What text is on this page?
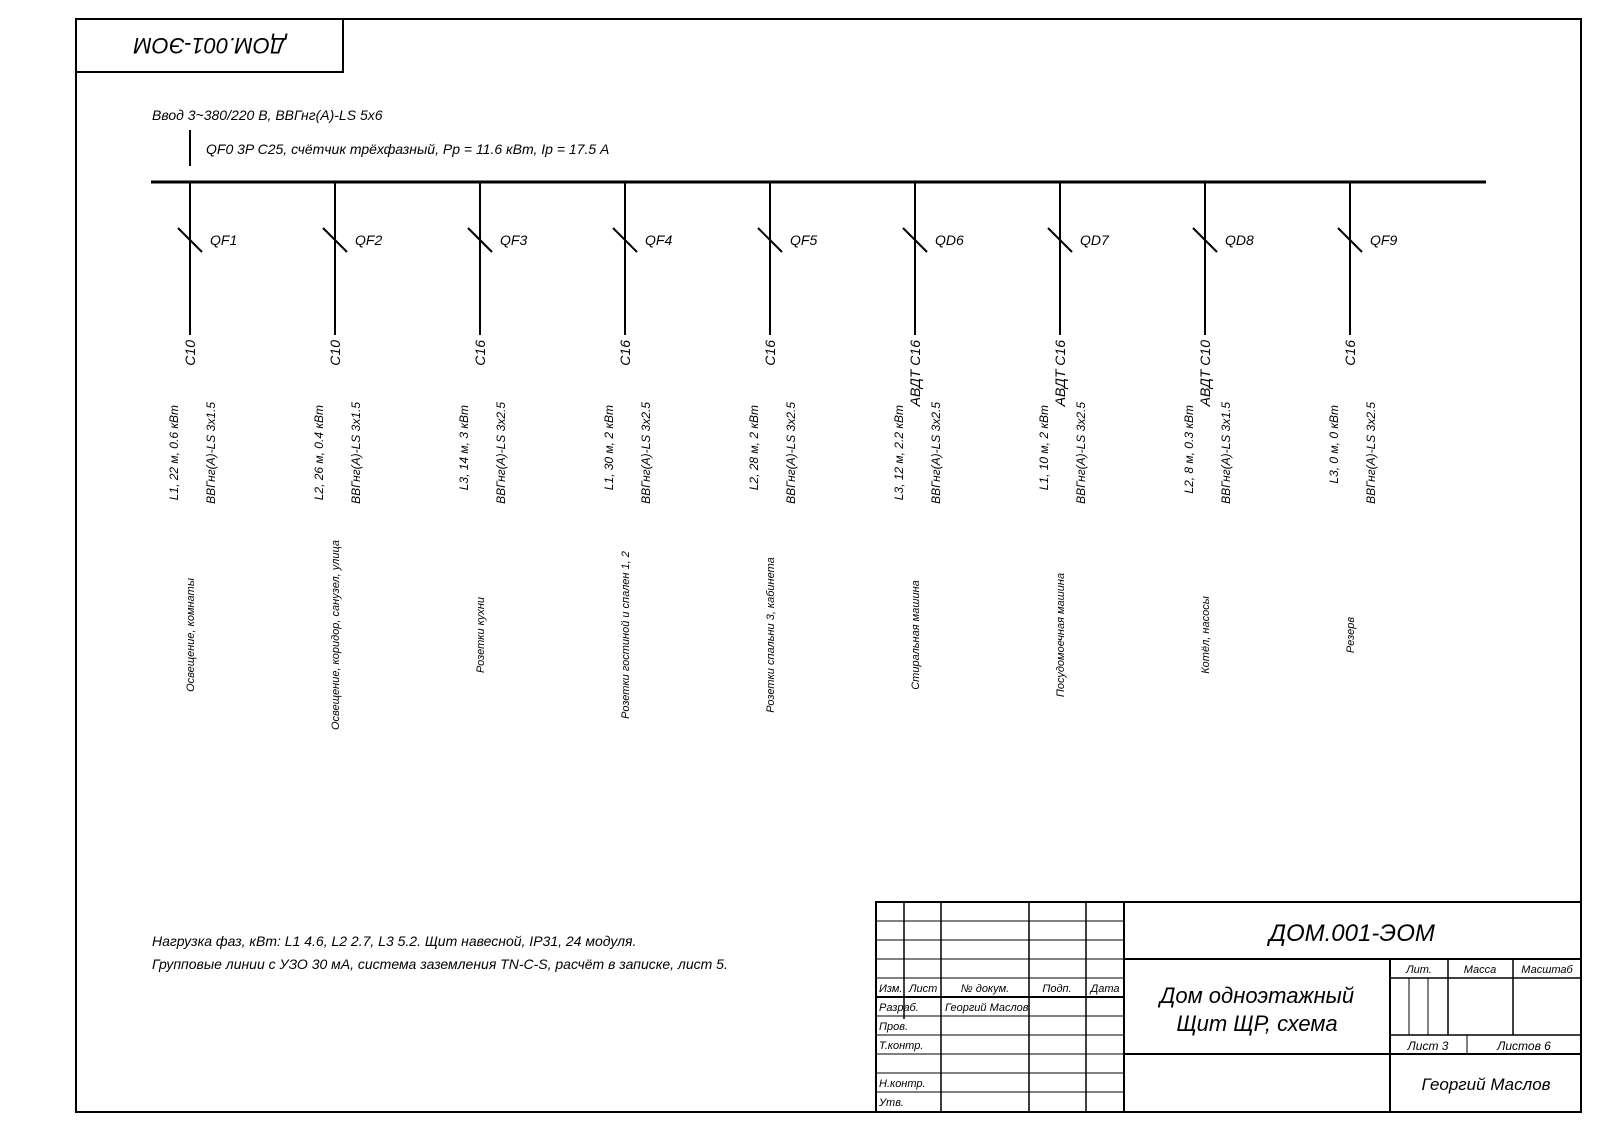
ДОМ.001-ЭОМ
Ввод 3~380/220 В, ВВГнг(А)-LS 5х6
QF0 3P C25, счётчик трёхфазный, Рр = 11.6 кВт, Iр = 17.5 А
QF1
C10
L1, 22 м, 0.6 кВт ВВГнг(А)-LS 3х1.5
Освещение, комнаты
QF2
C10
L2, 26 м, 0.4 кВт ВВГнг(А)-LS 3х1.5
Освещение, коридор, санузел, улица
QF3
C16
L3, 14 м, 3 кВт ВВГнг(А)-LS 3х2.5
Розетки кухни
QF4
C16
L1, 30 м, 2 кВт ВВГнг(А)-LS 3х2.5
Розетки гостиной и спален 1, 2
QF5
C16
L2, 28 м, 2 кВт ВВГнг(А)-LS 3х2.5
Розетки спальни 3, кабинета
QD6
АВДТ C16
L3, 12 м, 2.2 кВт ВВГнг(А)-LS 3х2.5
Стиральная машина
QD7
АВДТ C16
L1, 10 м, 2 кВт ВВГнг(А)-LS 3х2.5
Посудомоечная машина
QD8
АВДТ C10
L2, 8 м, 0.3 кВт ВВГнг(А)-LS 3х1.5
Котёл, насосы
QF9
C16
L3, 0 м, 0 кВт ВВГнг(А)-LS 3х2.5
Резерв
Нагрузка фаз, кВт: L1 4.6, L2 2.7, L3 5.2. Щит навесной, IP31, 24 модуля.
Групповые линии с УЗО 30 мА, система заземления TN-C-S, расчёт в записке, лист 5.
Изм. Лист № докум.	Подп. Дата
Разраб. Георгий Маслов
Пров.
Т.контр.
Н.контр.
Утв.
ДОМ.001-ЭОМ
Дом одноэтажный
Щит ЩР, схема
Лит.	Масса Масштаб
Лист 3	Листов 6
Георгий Маслов
